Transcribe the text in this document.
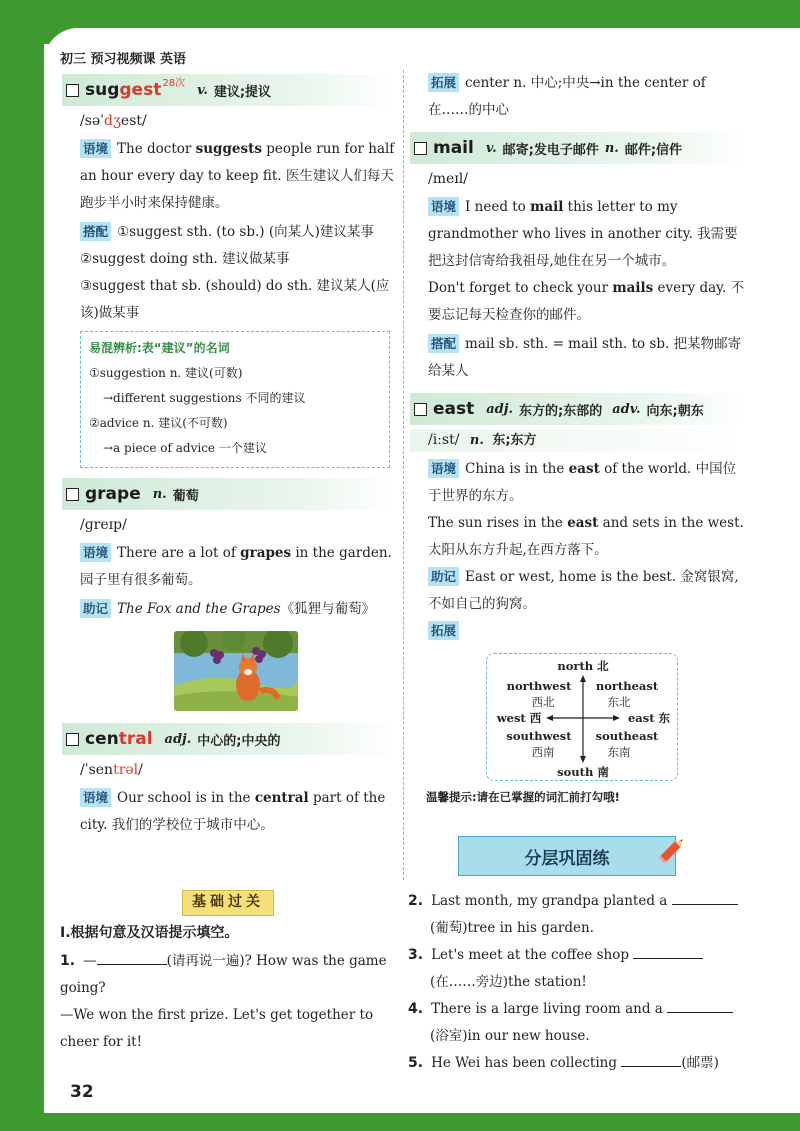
初三 预习视频课 英语
suggest 28次 v. 建议;提议
/səˈdʒest/
语境 The doctor suggests people run for half an hour every day to keep fit. 医生建议人们每天跑步半小时来保持健康。
搭配 ①suggest sth. (to sb.) (向某人)建议某事
②suggest doing sth. 建议做某事
③suggest that sb. (should) do sth. 建议某人(应该)做某事
易混辨析:表“建议”的名词
①suggestion n. 建议(可数)
→different suggestions 不同的建议
②advice n. 建议(不可数)
→a piece of advice 一个建议
grape n. 葡萄
/ɡreɪp/
语境 There are a lot of grapes in the garden. 园子里有很多葡萄。
助记 The Fox and the Grapes《狐狸与葡萄》
central adj. 中心的;中央的
/ˈsentrəl/
语境 Our school is in the central part of the city. 我们的学校位于城市中心。
拓展 center n. 中心;中央→in the center of 在……的中心
mail v. 邮寄;发电子邮件 n. 邮件;信件
/meɪl/
语境 I need to mail this letter to my grandmother who lives in another city. 我需要把这封信寄给我祖母,她住在另一个城市。
Don't forget to check your mails every day. 不要忘记每天检查你的邮件。
搭配 mail sb. sth. = mail sth. to sb. 把某物邮寄给某人
east adj. 东方的;东部的 adv. 向东;朝东
/iːst/ n. 东;东方
语境 China is in the east of the world. 中国位于世界的东方。
The sun rises in the east and sets in the west. 太阳从东方升起,在西方落下。
助记 East or west, home is the best. 金窝银窝,不如自己的狗窝。
拓展
north 北
northwest
西北
northeast
东北
west 西	east 东
southwest
西南
southeast
东南
south 南
温馨提示:请在已掌握的词汇前打勾哦!
分层巩固练
基础过关
Ⅰ.根据句意及汉语提示填空。
1. —	(请再说一遍)? How was the game going?
—We won the first prize. Let's get together to cheer for it!
2. Last month, my grandpa planted a
(葡萄)tree in his garden.
3. Let's meet at the coffee shop
(在……旁边)the station!
4. There is a large living room and a
(浴室)in our new house.
5. He Wei has been collecting	(邮票)
32
